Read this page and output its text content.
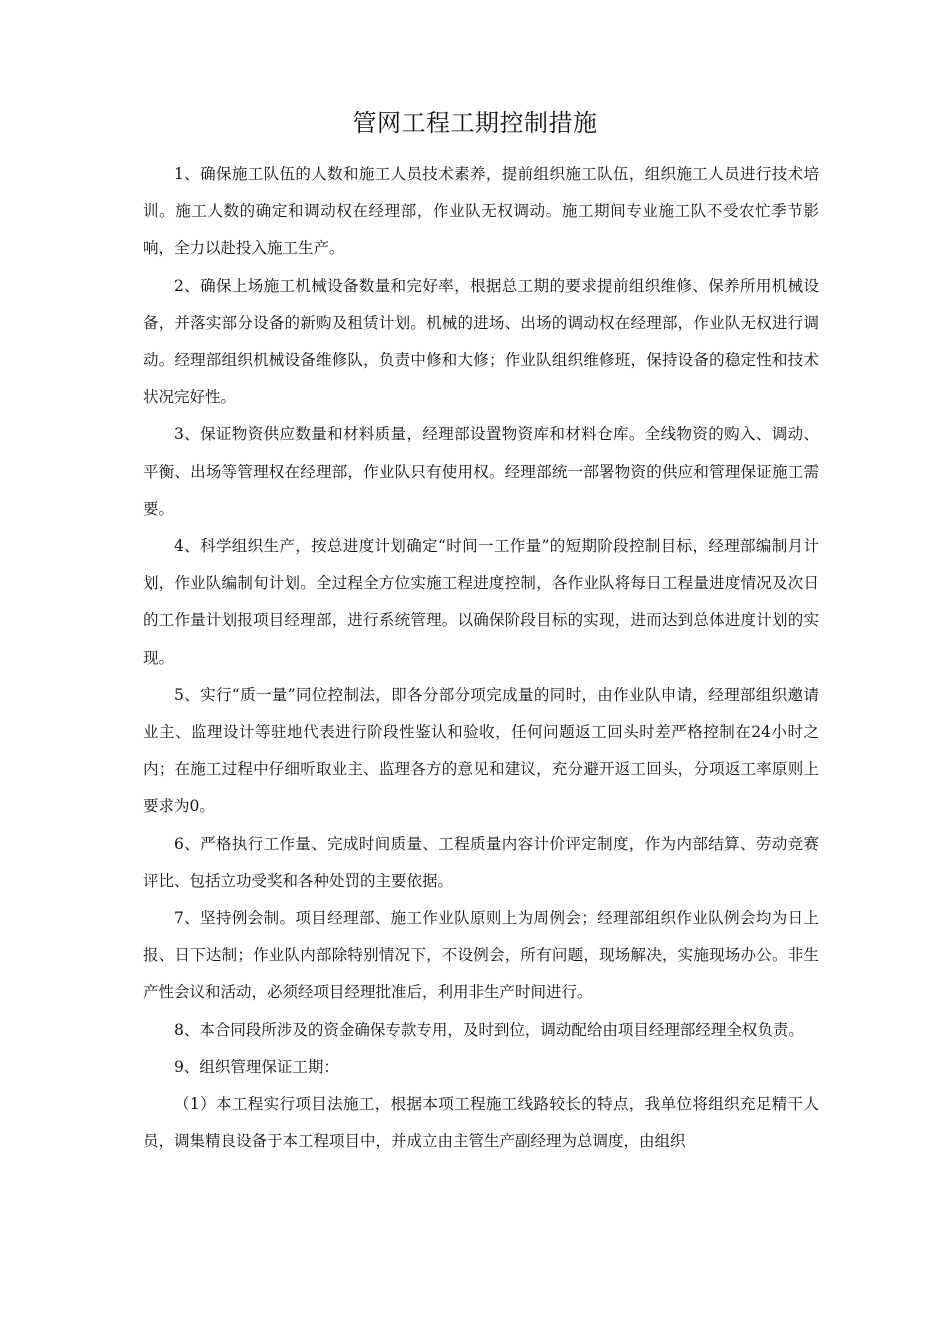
管网工程工期控制措施

1、确保施工队伍的人数和施工人员技术素养，提前组织施工队伍，组织施工人员进行技术培训。施工人数的确定和调动权在经理部，作业队无权调动。施工期间专业施工队不受农忙季节影响，全力以赴投入施工生产。

2、确保上场施工机械设备数量和完好率，根据总工期的要求提前组织维修、保养所用机械设备，并落实部分设备的新购及租赁计划。机械的进场、出场的调动权在经理部，作业队无权进行调动。经理部组织机械设备维修队，负责中修和大修；作业队组织维修班，保持设备的稳定性和技术状况完好性。

3、保证物资供应数量和材料质量，经理部设置物资库和材料仓库。全线物资的购入、调动、平衡、出场等管理权在经理部，作业队只有使用权。经理部统一部署物资的供应和管理保证施工需要。

4、科学组织生产，按总进度计划确定“时间一工作量”的短期阶段控制目标，经理部编制月计划，作业队编制旬计划。全过程全方位实施工程进度控制，各作业队将每日工程量进度情况及次日的工作量计划报项目经理部，进行系统管理。以确保阶段目标的实现，进而达到总体进度计划的实现。

5、实行“质一量”同位控制法，即各分部分项完成量的同时，由作业队申请，经理部组织邀请业主、监理设计等驻地代表进行阶段性鉴认和验收，任何问题返工回头时差严格控制在24小时之内；在施工过程中仔细听取业主、监理各方的意见和建议，充分避开返工回头，分项返工率原则上要求为0。

6、严格执行工作量、完成时间质量、工程质量内容计价评定制度，作为内部结算、劳动竞赛评比、包括立功受奖和各种处罚的主要依据。

7、坚持例会制。项目经理部、施工作业队原则上为周例会；经理部组织作业队例会均为日上报、日下达制；作业队内部除特别情况下，不设例会，所有问题，现场解决，实施现场办公。非生产性会议和活动，必须经项目经理批准后，利用非生产时间进行。

8、本合同段所涉及的资金确保专款专用，及时到位，调动配给由项目经理部经理全权负责。

9、组织管理保证工期：

（1）本工程实行项目法施工，根据本项工程施工线路较长的特点，我单位将组织充足精干人员，调集精良设备于本工程项目中，并成立由主管生产副经理为总调度，由组织
